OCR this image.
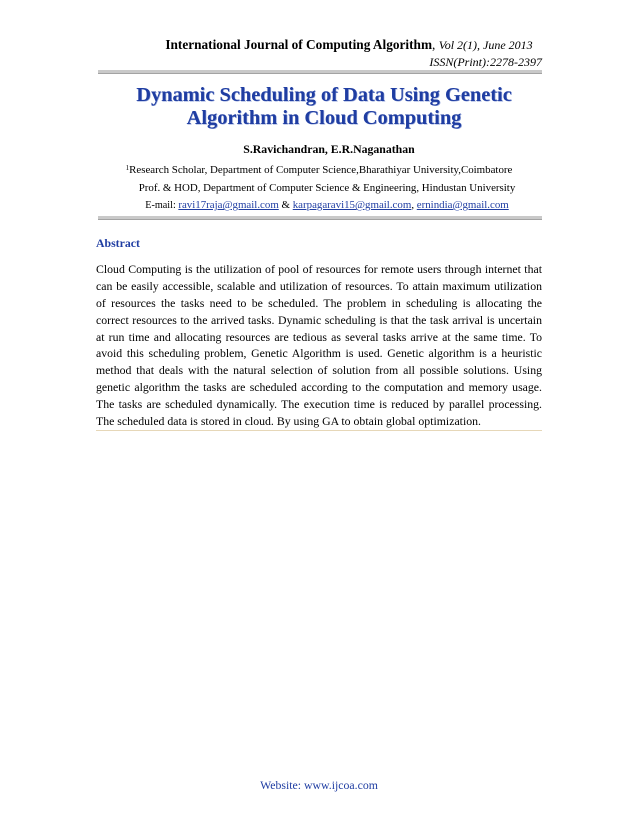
International Journal of Computing Algorithm, Vol 2(1), June 2013
ISSN(Print):2278-2397
Dynamic Scheduling of Data Using Genetic
Algorithm in Cloud Computing
S.Ravichandran, E.R.Naganathan
$^1$Research Scholar, Department of Computer Science,Bharathiyar University,Coimbatore
Prof. & HOD, Department of Computer Science & Engineering, Hindustan University
E-mail: ravi17raja@gmail.com & karpagaravi15@gmail.com, ernindia@gmail.com
Abstract
Cloud Computing is the utilization of pool of resources for remote users through internet that
can be easily accessible, scalable and utilization of resources. To attain maximum utilization
of resources the tasks need to be scheduled. The problem in scheduling is allocating the
correct resources to the arrived tasks. Dynamic scheduling is that the task arrival is uncertain
at run time and allocating resources are tedious as several tasks arrive at the same time. To
avoid this scheduling problem, Genetic Algorithm is used. Genetic algorithm is a heuristic
method that deals with the natural selection of solution from all possible solutions. Using
genetic algorithm the tasks are scheduled according to the computation and memory usage.
The tasks are scheduled dynamically. The execution time is reduced by parallel processing.
The scheduled data is stored in cloud. By using GA to obtain global optimization.
Website: www.ijcoa.com
